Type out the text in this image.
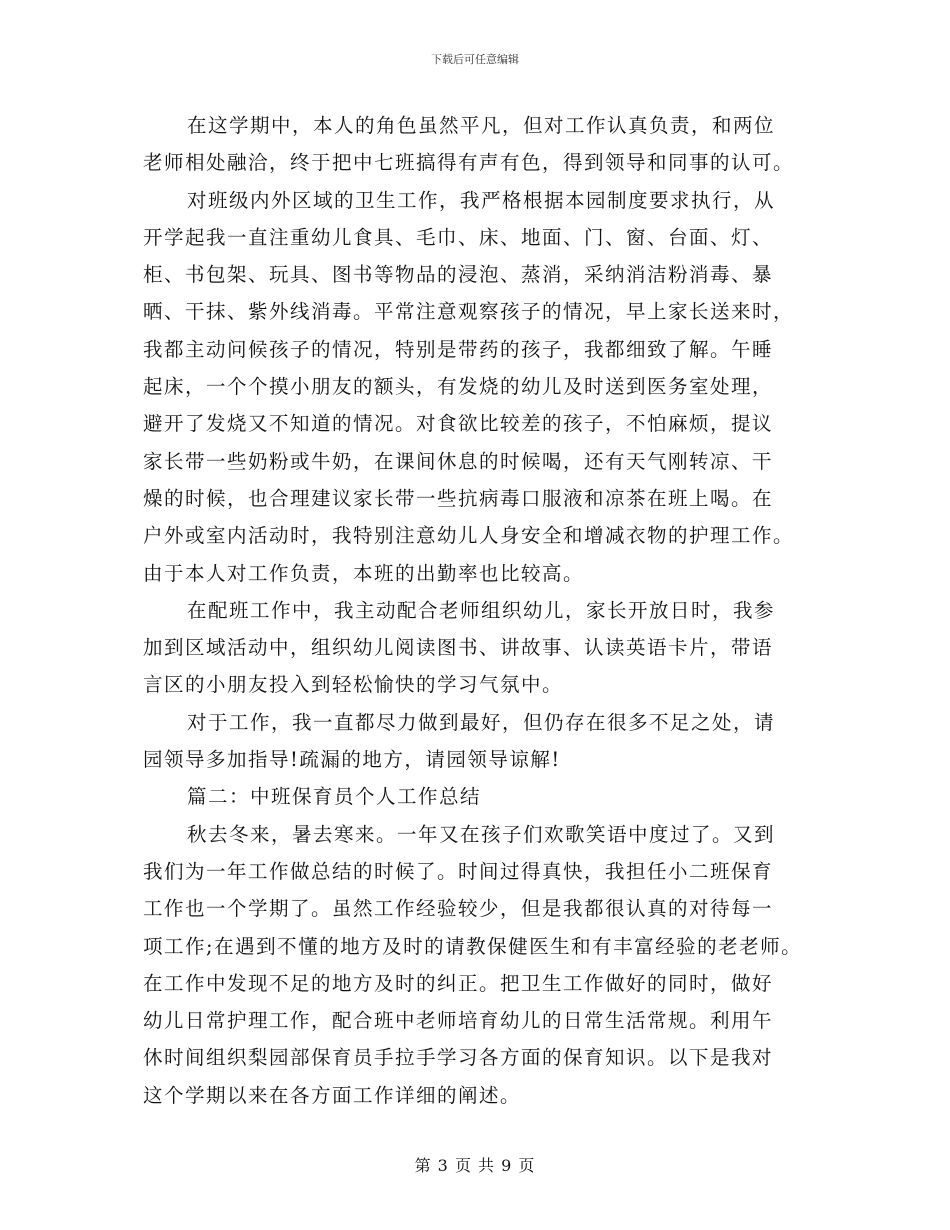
下载后可任意编辑
在这学期中，本人的角色虽然平凡，但对工作认真负责，和两位
老师相处融洽，终于把中七班搞得有声有色，得到领导和同事的认可。
对班级内外区域的卫生工作，我严格根据本园制度要求执行，从
开学起我一直注重幼儿食具、毛巾、床、地面、门、窗、台面、灯、
柜、书包架、玩具、图书等物品的浸泡、蒸消，采纳消洁粉消毒、暴
晒、干抹、紫外线消毒。平常注意观察孩子的情况，早上家长送来时，
我都主动问候孩子的情况，特别是带药的孩子，我都细致了解。午睡
起床，一个个摸小朋友的额头，有发烧的幼儿及时送到医务室处理，
避开了发烧又不知道的情况。对食欲比较差的孩子，不怕麻烦，提议
家长带一些奶粉或牛奶，在课间休息的时候喝，还有天气刚转凉、干
燥的时候，也合理建议家长带一些抗病毒口服液和凉茶在班上喝。在
户外或室内活动时，我特别注意幼儿人身安全和增减衣物的护理工作。
由于本人对工作负责，本班的出勤率也比较高。
在配班工作中，我主动配合老师组织幼儿，家长开放日时，我参
加到区域活动中，组织幼儿阅读图书、讲故事、认读英语卡片，带语
言区的小朋友投入到轻松愉快的学习气氛中。
对于工作，我一直都尽力做到最好，但仍存在很多不足之处，请
园领导多加指导!疏漏的地方，请园领导谅解!
篇二：中班保育员个人工作总结
秋去冬来，暑去寒来。一年又在孩子们欢歌笑语中度过了。又到
我们为一年工作做总结的时候了。时间过得真快，我担任小二班保育
工作也一个学期了。虽然工作经验较少，但是我都很认真的对待每一
项工作;在遇到不懂的地方及时的请教保健医生和有丰富经验的老老师。
在工作中发现不足的地方及时的纠正。把卫生工作做好的同时，做好
幼儿日常护理工作，配合班中老师培育幼儿的日常生活常规。利用午
休时间组织梨园部保育员手拉手学习各方面的保育知识。以下是我对
这个学期以来在各方面工作详细的阐述。
第 3 页 共 9 页
